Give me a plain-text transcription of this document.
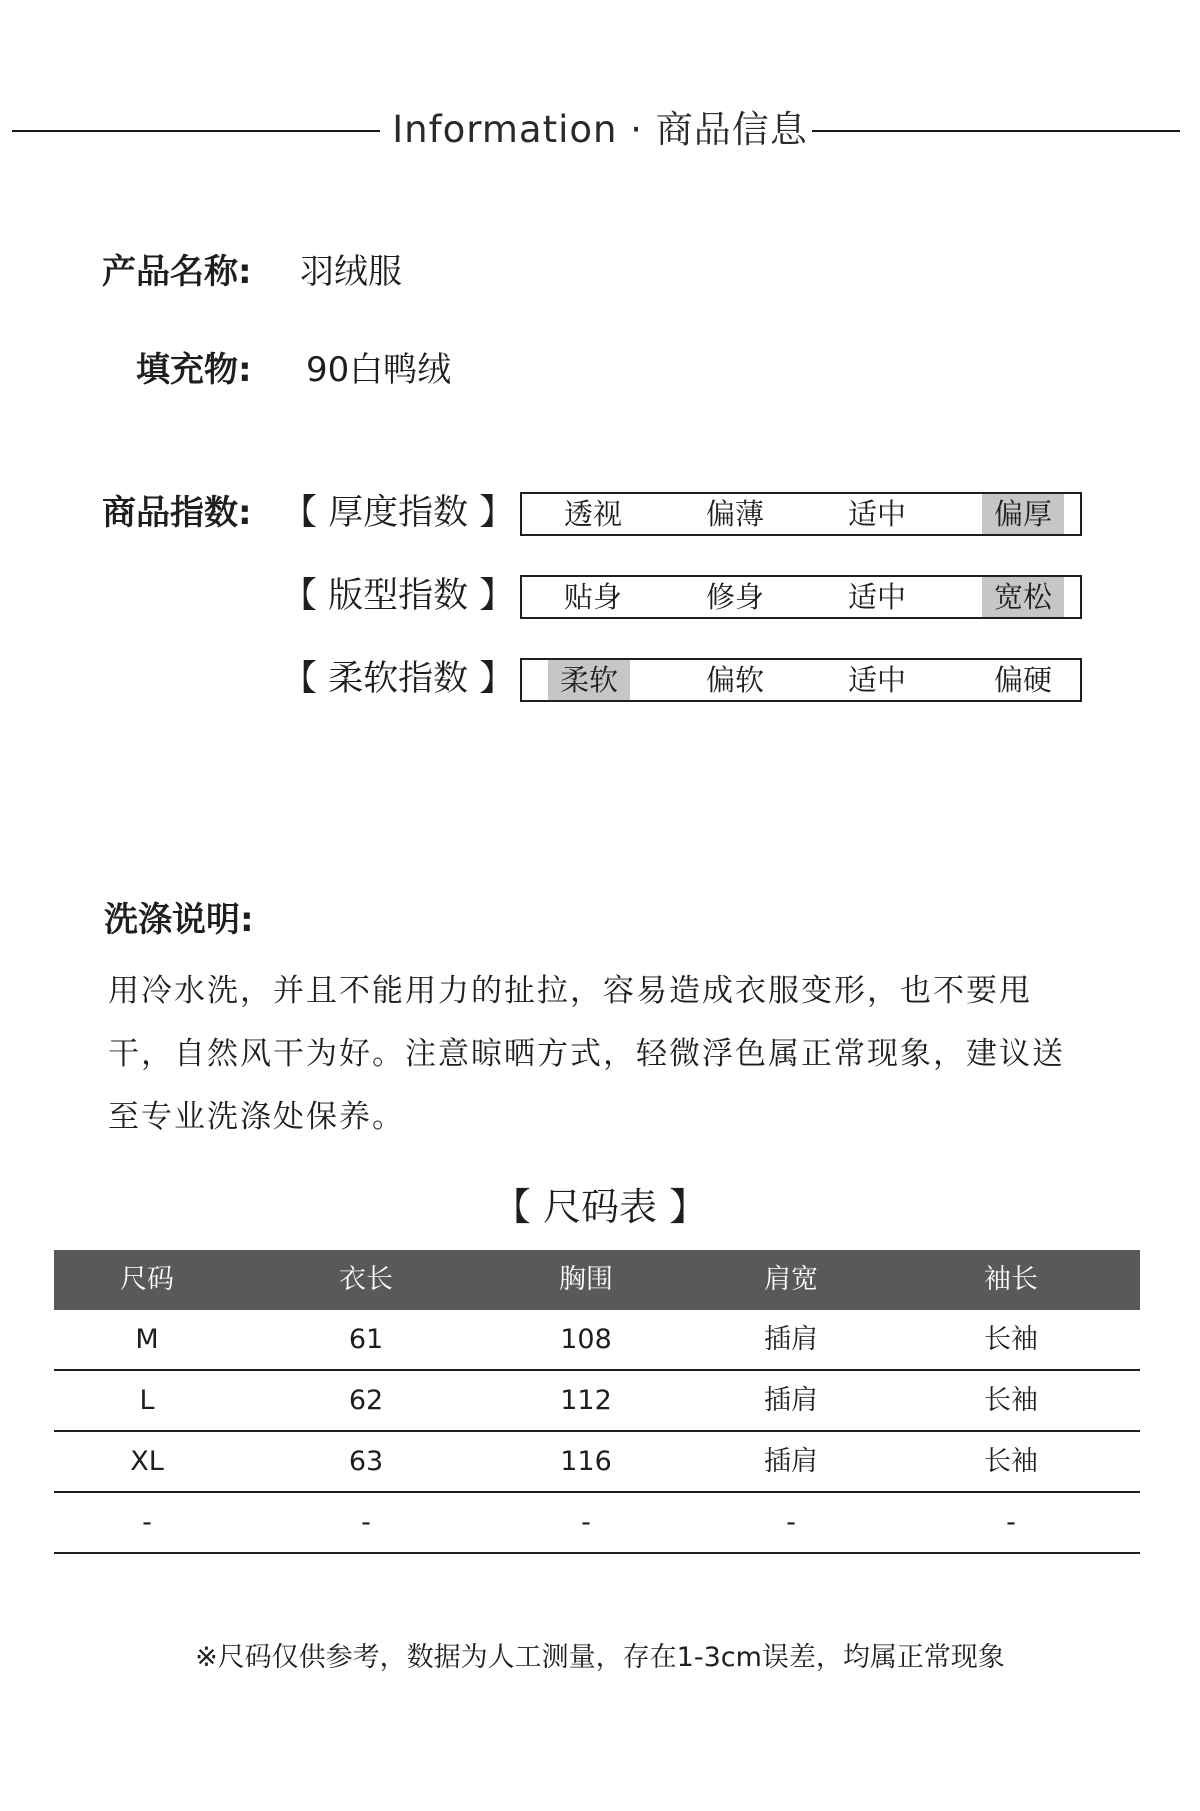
Information · 商品信息
产品名称: 羽绒服
填充物: 90白鸭绒
商品指数: 【 厚度指数 】	透视	偏薄	适中	偏厚
【 版型指数 】	贴身	修身	适中	宽松
【 柔软指数 】	柔软	偏软	适中	偏硬
洗涤说明:
用冷水洗，并且不能用力的扯拉，容易造成衣服变形，也不要甩
干，自然风干为好。注意晾晒方式，轻微浮色属正常现象，建议送
至专业洗涤处保养。
【 尺码表 】
尺码	衣长	胸围	肩宽	袖长
M	61	108	插肩	长袖
L	62	112	插肩	长袖
XL	63	116	插肩	长袖
-	-	-	-	-
※尺码仅供参考，数据为人工测量，存在1-3cm误差，均属正常现象
